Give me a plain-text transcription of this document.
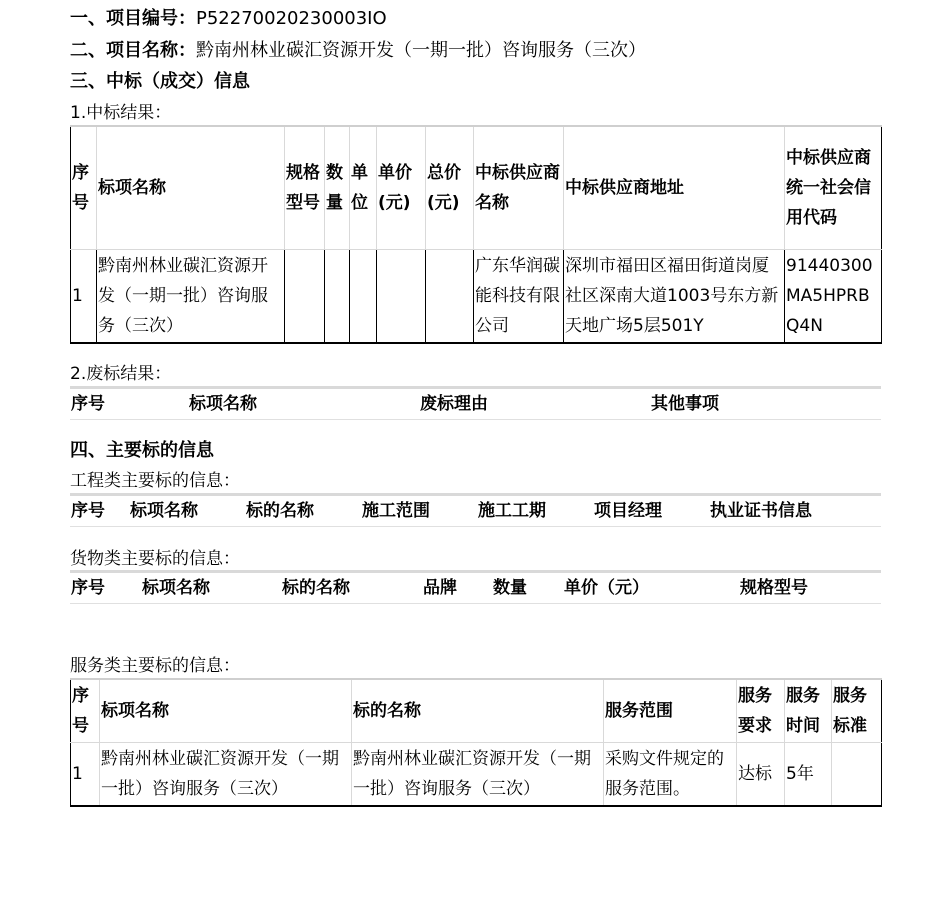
一、项目编号：P52270020230003IO

二、项目名称：黔南州林业碳汇资源开发（一期一批）咨询服务（三次）

三、中标（成交）信息

1.中标结果：

序号	标项名称	规格型号	数量	单位	单价(元)	总价(元)	中标供应商名称	中标供应商地址	中标供应商统一社会信用代码
1	黔南州林业碳汇资源开发（一期一批）咨询服务（三次）						广东华润碳能科技有限公司	深圳市福田区福田街道岗厦社区深南大道1003号东方新天地广场5层501Y	91440300MA5HPRBQ4N

2.废标结果：

序号	标项名称	废标理由	其他事项

四、主要标的信息

工程类主要标的信息：

序号	标项名称	标的名称	施工范围	施工工期	项目经理	执业证书信息

货物类主要标的信息：

序号	标项名称	标的名称	品牌	数量	单价（元）	规格型号

服务类主要标的信息：

序号	标项名称	标的名称	服务范围	服务要求	服务时间	服务标准
1	黔南州林业碳汇资源开发（一期一批）咨询服务（三次）	黔南州林业碳汇资源开发（一期一批）咨询服务（三次）	采购文件规定的服务范围。	达标	5年	
